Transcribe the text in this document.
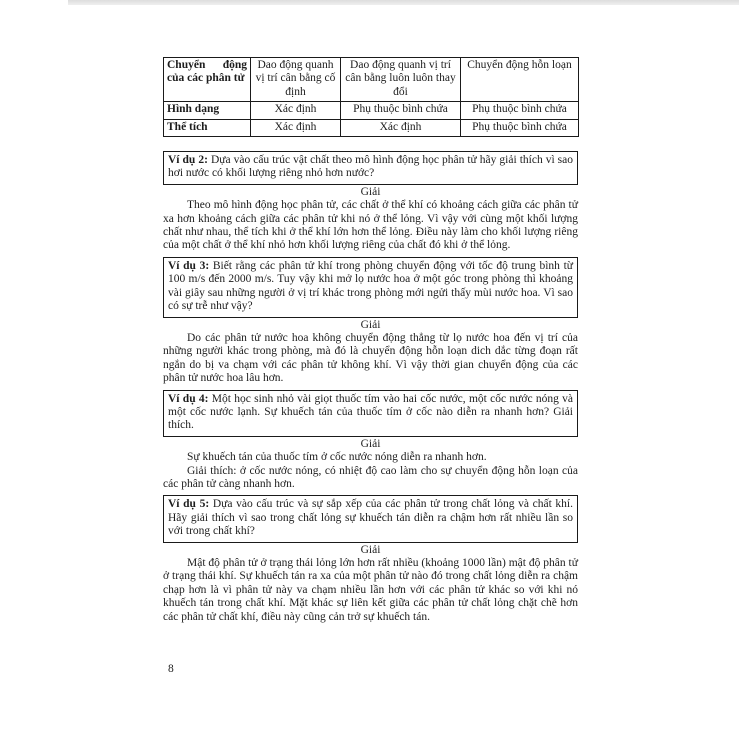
Chuyển động của các phân tử	Dao động quanh vị trí cân bằng cố định	Dao động quanh vị trí cân bằng luôn luôn thay đổi	Chuyển động hỗn loạn
Hình dạng	Xác định	Phụ thuộc bình chứa	Phụ thuộc bình chứa
Thể tích	Xác định	Xác định	Phụ thuộc bình chứa
Ví dụ 2: Dựa vào cấu trúc vật chất theo mô hình động học phân tử hãy giải thích vì sao hơi nước có khối lượng riêng nhỏ hơn nước?
Giải

Theo mô hình động học phân tử, các chất ở thể khí có khoảng cách giữa các phân tử xa hơn khoảng cách giữa các phân tử khi nó ở thể lỏng. Vì vậy với cùng một khối lượng chất như nhau, thể tích khi ở thể khí lớn hơn thể lỏng. Điều này làm cho khối lượng riêng của một chất ở thể khí nhỏ hơn khối lượng riêng của chất đó khi ở thể lỏng.

Ví dụ 3: Biết rằng các phân tử khí trong phòng chuyển động với tốc độ trung bình từ 100 m/s đến 2000 m/s. Tuy vậy khi mở lọ nước hoa ở một góc trong phòng thì khoảng vài giây sau những người ở vị trí khác trong phòng mới ngửi thấy mùi nước hoa. Vì sao có sự trễ như vậy?
Giải

Do các phân tử nước hoa không chuyển động thẳng từ lọ nước hoa đến vị trí của những người khác trong phòng, mà đó là chuyển động hỗn loạn dich dắc từng đoạn rất ngắn do bị va chạm với các phân tử không khí. Vì vậy thời gian chuyển động của các phân tử nước hoa lâu hơn.

Ví dụ 4: Một học sinh nhỏ vài giọt thuốc tím vào hai cốc nước, một cốc nước nóng và một cốc nước lạnh. Sự khuếch tán của thuốc tím ở cốc nào diễn ra nhanh hơn? Giải thích.
Giải

Sự khuếch tán của thuốc tím ở cốc nước nóng diễn ra nhanh hơn.

Giải thích: ở cốc nước nóng, có nhiệt độ cao làm cho sự chuyển động hỗn loạn của các phân tử càng nhanh hơn.

Ví dụ 5: Dựa vào cấu trúc và sự sắp xếp của các phân tử trong chất lỏng và chất khí. Hãy giải thích vì sao trong chất lỏng sự khuếch tán diễn ra chậm hơn rất nhiều lần so với trong chất khí?
Giải

Mật độ phân tử ở trạng thái lỏng lớn hơn rất nhiều (khoảng 1000 lần) mật độ phân tử ở trạng thái khí. Sự khuếch tán ra xa của một phân tử nào đó trong chất lỏng diễn ra chậm chạp hơn là vì phân tử này va chạm nhiều lần hơn với các phân tử khác so với khi nó khuếch tán trong chất khí. Mặt khác sự liên kết giữa các phân tử chất lỏng chặt chẽ hơn các phân tử chất khí, điều này cũng cản trở sự khuếch tán.

8
